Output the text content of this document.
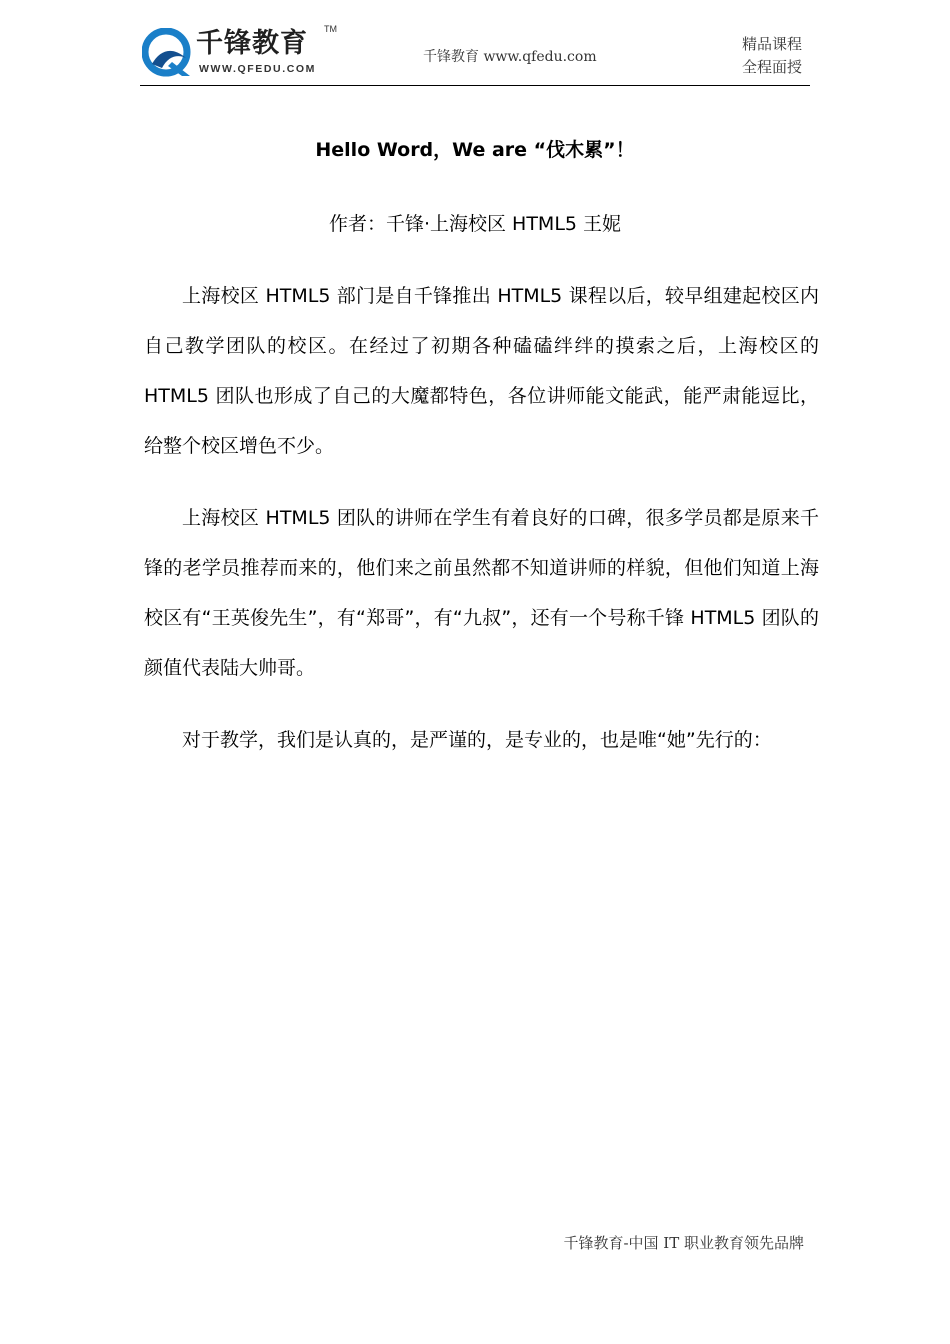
千锋教育 TM
WWW.QFEDU.COM
千锋教育 www.qfedu.com
精品课程
全程面授
Hello Word，We are “伐木累”！
作者：千锋·上海校区 HTML5 王妮

上海校区 HTML5 部门是自千锋推出 HTML5 课程以后，较早组建起校区内自己教学团队的校区。在经过了初期各种磕磕绊绊的摸索之后，上海校区的 HTML5 团队也形成了自己的大魔都特色，各位讲师能文能武，能严肃能逗比，给整个校区增色不少。

上海校区 HTML5 团队的讲师在学生有着良好的口碑，很多学员都是原来千锋的老学员推荐而来的，他们来之前虽然都不知道讲师的样貌，但他们知道上海校区有“王英俊先生”，有“郑哥”，有“九叔”，还有一个号称千锋 HTML5 团队的颜值代表陆大帅哥。

对于教学，我们是认真的，是严谨的，是专业的，也是唯“她”先行的：

千锋教育-中国 IT 职业教育领先品牌
